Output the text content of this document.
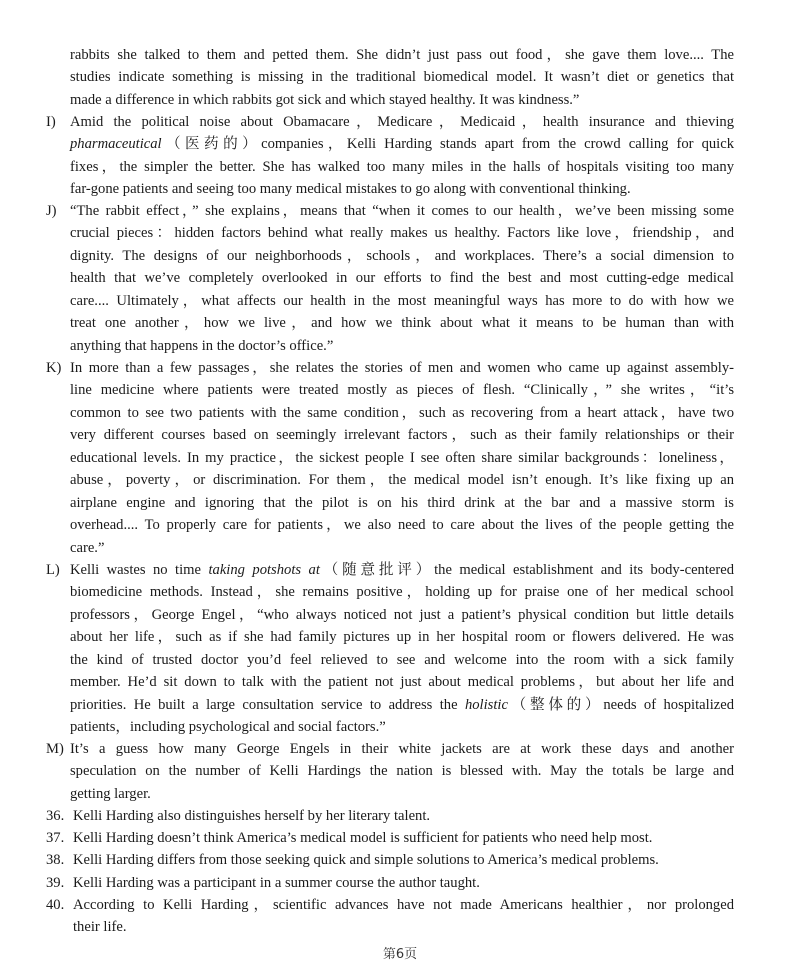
rabbits she talked to them and petted them. She didn’t just pass out food，she gave them love.... The
studies indicate something is missing in the traditional biomedical model. It wasn’t diet or genetics that
made a difference in which rabbits got sick and which stayed healthy. It was kindness.”
I) Amid the political noise about Obamacare，Medicare，Medicaid，health insurance and thieving
pharmaceutical（医药的）companies，Kelli Harding stands apart from the crowd calling for quick
fixes，the simpler the better. She has walked too many miles in the halls of hospitals visiting too many
far-gone patients and seeing too many medical mistakes to go along with conventional thinking.
J) “The rabbit effect，” she explains，means that “when it comes to our health，we’ve been missing some
crucial pieces：hidden factors behind what really makes us healthy. Factors like love，friendship，and
dignity. The designs of our neighborhoods，schools，and workplaces. There’s a social dimension to
health that we’ve completely overlooked in our efforts to find the best and most cutting-edge medical
care.... Ultimately，what affects our health in the most meaningful ways has more to do with how we
treat one another，how we live，and how we think about what it means to be human than with
anything that happens in the doctor’s office.”
K) In more than a few passages，she relates the stories of men and women who came up against assembly-
line medicine where patients were treated mostly as pieces of flesh. “Clinically，” she writes，“it’s
common to see two patients with the same condition，such as recovering from a heart attack，have two
very different courses based on seemingly irrelevant factors，such as their family relationships or their
educational levels. In my practice，the sickest people I see often share similar backgrounds：loneliness，
abuse，poverty，or discrimination. For them，the medical model isn’t enough. It’s like fixing up an
airplane engine and ignoring that the pilot is on his third drink at the bar and a massive storm is
overhead.... To properly care for patients，we also need to care about the lives of the people getting the
care.”
L) Kelli wastes no time taking potshots at（随意批评）the medical establishment and its body-centered
biomedicine methods. Instead，she remains positive，holding up for praise one of her medical school
professors，George Engel，“who always noticed not just a patient’s physical condition but little details
about her life，such as if she had family pictures up in her hospital room or flowers delivered. He was
the kind of trusted doctor you’d feel relieved to see and welcome into the room with a sick family
member. He’d sit down to talk with the patient not just about medical problems，but about her life and
priorities. He built a large consultation service to address the holistic（整体的）needs of hospitalized
patients，including psychological and social factors.”
M) It’s a guess how many George Engels in their white jackets are at work these days and another
speculation on the number of Kelli Hardings the nation is blessed with. May the totals be large and
getting larger.
36. Kelli Harding also distinguishes herself by her literary talent.
37. Kelli Harding doesn’t think America’s medical model is sufficient for patients who need help most.
38. Kelli Harding differs from those seeking quick and simple solutions to America’s medical problems.
39. Kelli Harding was a participant in a summer course the author taught.
40. According to Kelli Harding，scientific advances have not made Americans healthier，nor prolonged
their life.
第6页
